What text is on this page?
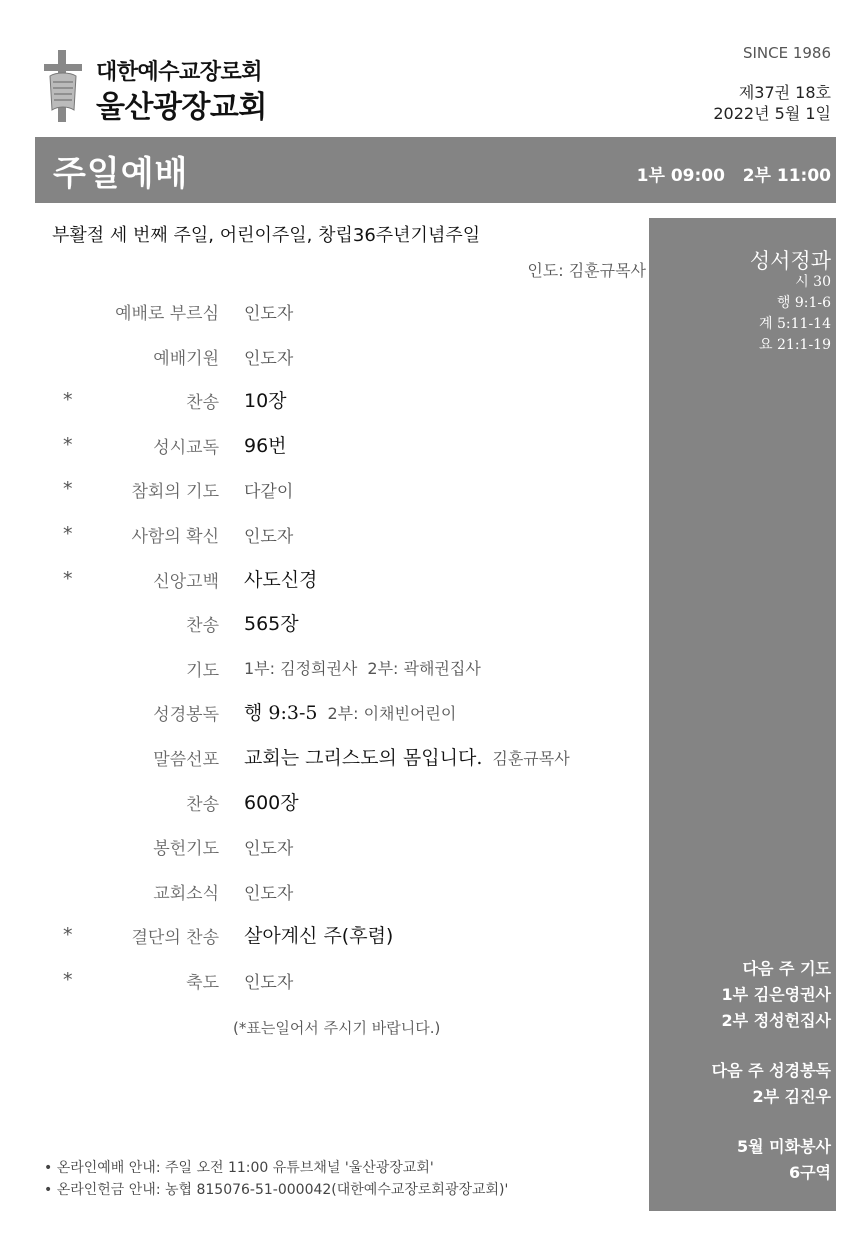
대한예수교장로회
울산광장교회
SINCE 1986
제37권 18호
2022년 5월 1일
주일예배	1부 09:00   2부 11:00
성서정과
시 30
행 9:1-6
계 5:11-14
요 21:1-19
다음 주 기도
1부 김은영권사
2부 정성헌집사
다음 주 성경봉독
2부 김진우
5월 미화봉사
6구역
부활절 세 번째 주일, 어린이주일, 창립36주년기념주일
인도: 김훈규목사
예배로 부르심 인도자
예배기원 인도자
*	찬송 10장
*	성시교독 96번
*	참회의 기도 다같이
*	사함의 확신 인도자
*	신앙고백 사도신경
찬송 565장
기도 1부: 김정희권사 2부: 곽해권집사
성경봉독 행 9:3-5 2부: 이채빈어린이
말씀선포 교회는 그리스도의 몸입니다. 김훈규목사
찬송 600장
봉헌기도 인도자
교회소식 인도자
*	결단의 찬송 살아계신 주(후렴)
*	축도 인도자
(*표는일어서 주시기 바랍니다.)
• 온라인예배 안내: 주일 오전 11:00 유튜브채널 '울산광장교회'
• 온라인헌금 안내: 농협 815076-51-000042(대한예수교장로회광장교회)'
